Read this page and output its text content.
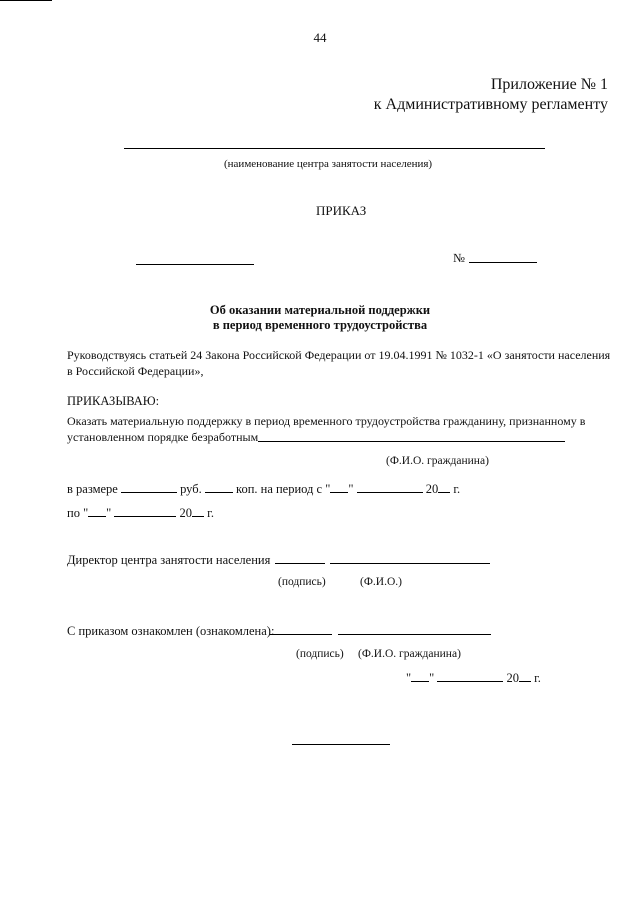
44
Приложение № 1
к Административному регламенту
(наименование центра занятости населения)
ПРИКАЗ
№
Об оказании материальной поддержки
в период временного трудоустройства
Руководствуясь статьей 24 Закона Российской Федерации от 19.04.1991 № 1032-1 «О занятости населения
в Российской Федерации»,
ПРИКАЗЫВАЮ:
Оказать материальную поддержку в период временного трудоустройства гражданину, признанному в
установленном порядке безработным
(Ф.И.О. гражданина)
в размере	руб.	коп. на период с " "	20 г.
по " "	20 г.
Директор центра занятости населения
(подпись)	(Ф.И.О.)
С приказом ознакомлен (ознакомлена):
(подпись) (Ф.И.О. гражданина)
" "	20 г.
